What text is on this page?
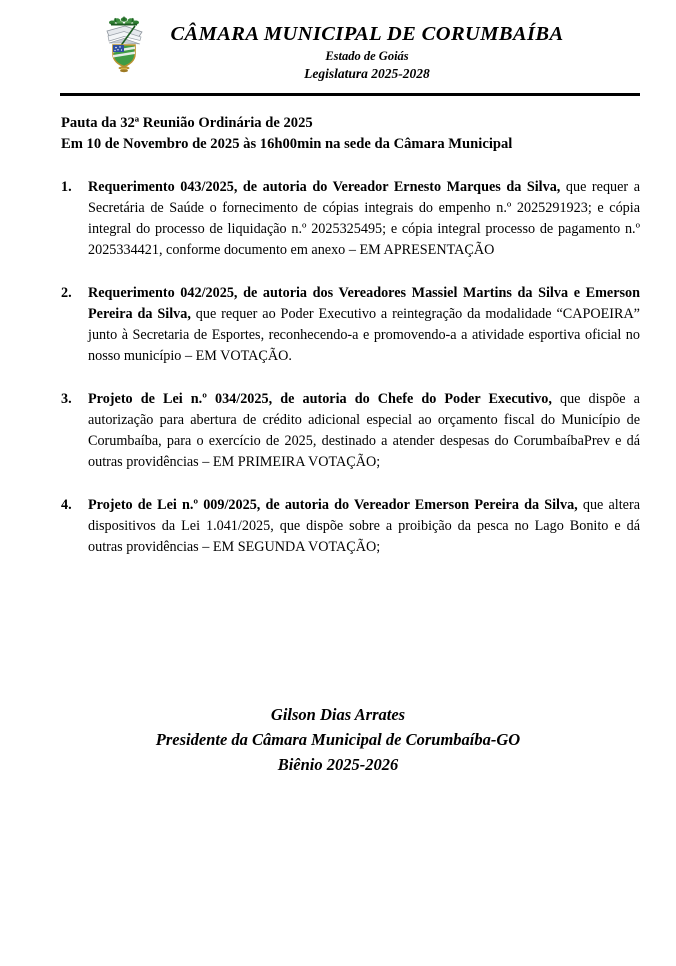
CÂMARA MUNICIPAL DE CORUMBAÍBA
Estado de Goiás
Legislatura 2025-2028
Pauta da 32ª Reunião Ordinária de 2025
Em 10 de Novembro de 2025 às 16h00min na sede da Câmara Municipal
1. Requerimento 043/2025, de autoria do Vereador Ernesto Marques da Silva, que requer a Secretária de Saúde o fornecimento de cópias integrais do empenho n.º 2025291923; e cópia integral do processo de liquidação n.º 2025325495; e cópia integral processo de pagamento n.º 2025334421, conforme documento em anexo – EM APRESENTAÇÃO
2. Requerimento 042/2025, de autoria dos Vereadores Massiel Martins da Silva e Emerson Pereira da Silva, que requer ao Poder Executivo a reintegração da modalidade “CAPOEIRA” junto à Secretaria de Esportes, reconhecendo-a e promovendo-a a atividade esportiva oficial no nosso município – EM VOTAÇÃO.
3. Projeto de Lei n.º 034/2025, de autoria do Chefe do Poder Executivo, que dispõe a autorização para abertura de crédito adicional especial ao orçamento fiscal do Município de Corumbaíba, para o exercício de 2025, destinado a atender despesas do CorumbaíbaPrev e dá outras providências – EM PRIMEIRA VOTAÇÃO;
4. Projeto de Lei n.º 009/2025, de autoria do Vereador Emerson Pereira da Silva, que altera dispositivos da Lei 1.041/2025, que dispõe sobre a proibição da pesca no Lago Bonito e dá outras providências – EM SEGUNDA VOTAÇÃO;
Gilson Dias Arrates
Presidente da Câmara Municipal de Corumbaíba-GO
Biênio 2025-2026
